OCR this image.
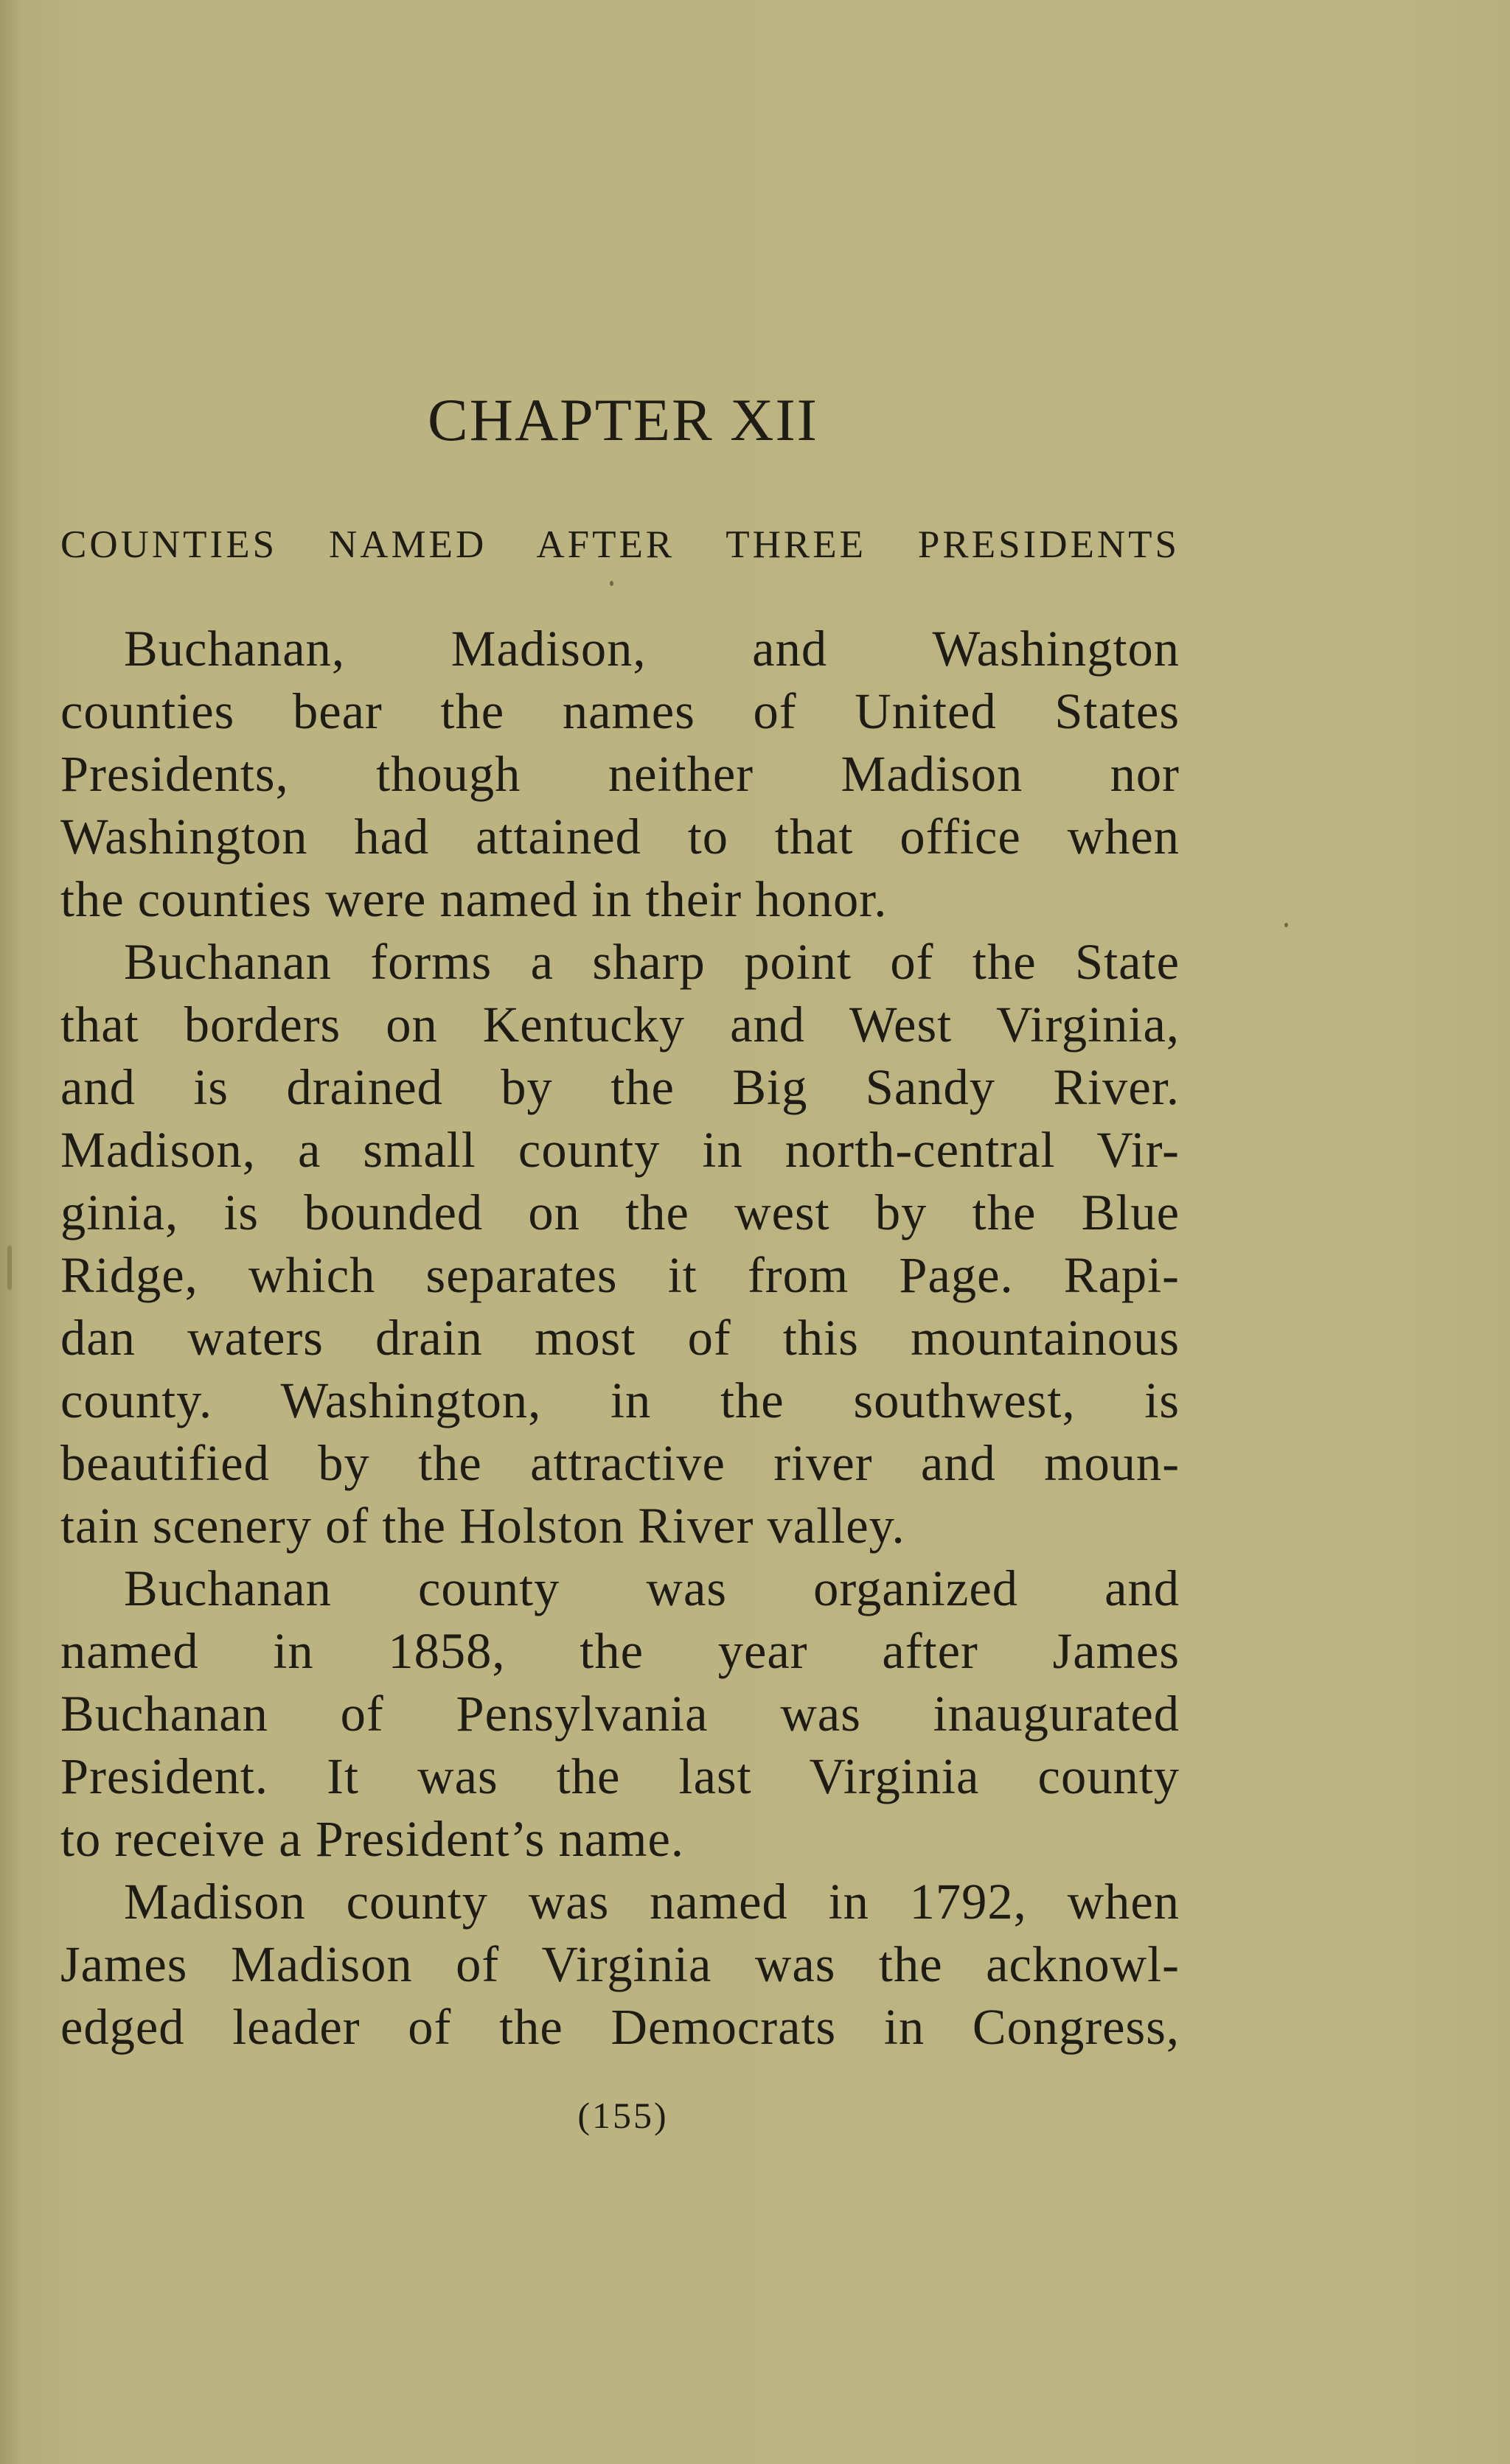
CHAPTER XII
COUNTIES NAMED AFTER THREE PRESIDENTS
Buchanan, Madison, and Washington
counties bear the names of United States
Presidents, though neither Madison nor
Washington had attained to that office when
the counties were named in their honor.
Buchanan forms a sharp point of the State
that borders on Kentucky and West Virginia,
and is drained by the Big Sandy River.
Madison, a small county in north-central Vir-
ginia, is bounded on the west by the Blue
Ridge, which separates it from Page. Rapi-
dan waters drain most of this mountainous
county. Washington, in the southwest, is
beautified by the attractive river and moun-
tain scenery of the Holston River valley.
Buchanan county was organized and
named in 1858, the year after James
Buchanan of Pensylvania was inaugurated
President. It was the last Virginia county
to receive a President’s name.
Madison county was named in 1792, when
James Madison of Virginia was the acknowl-
edged leader of the Democrats in Congress,
(155)
